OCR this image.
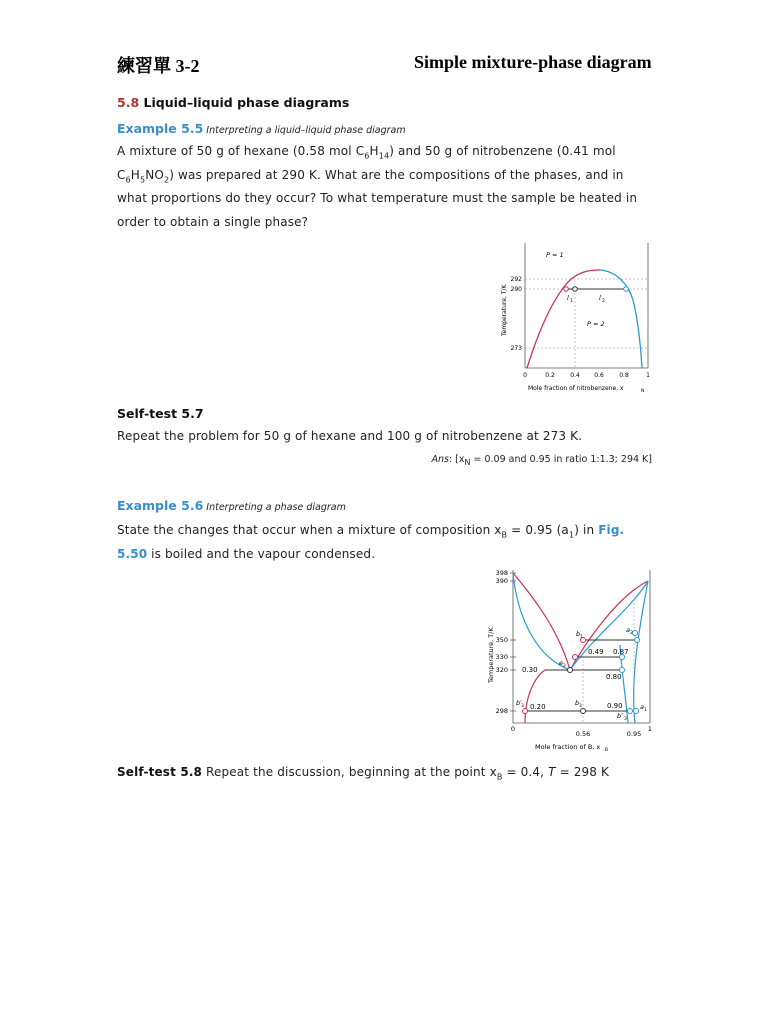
練習單 3-2	Simple mixture-phase diagram
5.8 Liquid–liquid phase diagrams
Example 5.5 Interpreting a liquid–liquid phase diagram
A mixture of 50 g of hexane (0.58 mol $C_6H_{14}$) and 50 g of nitrobenzene (0.41 mol
$C_6H_5NO_2$) was prepared at 290 K. What are the compositions of the phases, and in
what proportions do they occur? To what temperature must the sample be heated in
order to obtain a single phase?
P = 1
P = 2
l 1	l 2
292
290
273
0	0.2	0.4 0.6	0.8	1
Mole fraction of nitrobenzene, x	N
Temperature, T/K
Self-test 5.7
Repeat the problem for 50 g of hexane and 100 g of nitrobenzene at 273 K.
Ans: [$x_N = 0.09$ and 0.95 in ratio 1:1.3; 294 K]
Example 5.6 Interpreting a phase diagram
State the changes that occur when a mixture of composition $x_B = 0.95$ $(a_1)$ in Fig.
5.50 is boiled and the vapour condensed.
b 1
a 2
e 2
b 3
b′ 3
b″ 3
a 1
0.49 0.87
0.30
0.80
0.20	0.90
398
390
350
330
320
298
0
0.56	0.95
1
Mole fraction of B, x B
Temperature, T/K
Self-test 5.8 Repeat the discussion, beginning at the point $x_B = 0.4$, T = 298 K
